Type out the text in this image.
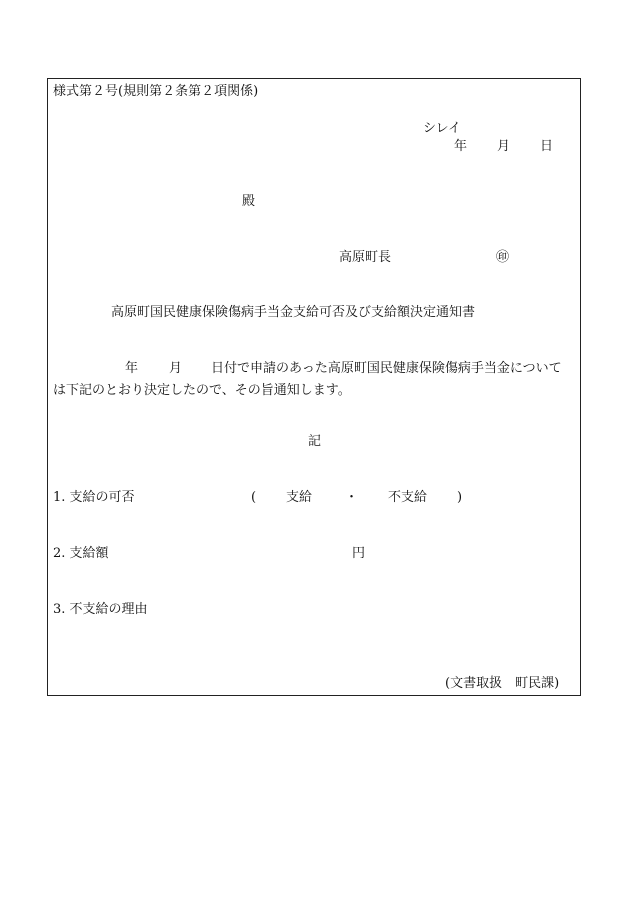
様式第２号(規則第２条第２項関係)
シレイ
年 月 日
殿
高原町長	㊞
高原町国民健康保険傷病手当金支給可否及び支給額決定通知書
年 月 日付で申請のあった高原町国民健康保険傷病手当金について は下記のとおり決定したので、その旨通知します。
記
1. 支給の可否	( 支給	・ 不支給 )
2. 支給額	円
3. 不支給の理由
(文書取扱　町民課)
